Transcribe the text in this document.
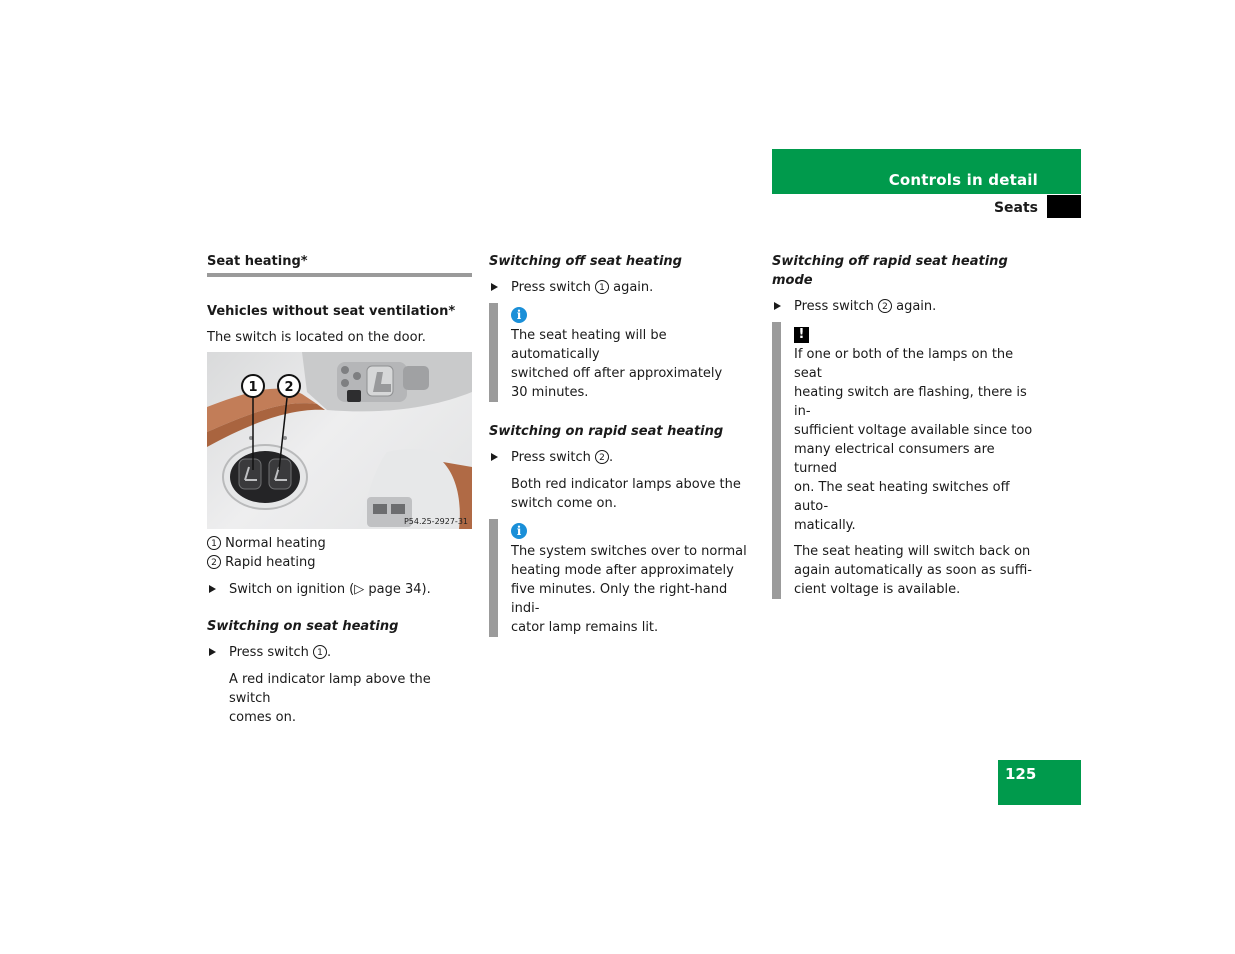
Controls in detail
Seats

Seat heating*

Vehicles without seat ventilation*

The switch is located on the door.

1 2
P54.25-2927-31
1 Normal heating
2 Rapid heating
Switch on ignition (▷ page 34).

Switching on seat heating

Press switch 1 .
A red indicator lamp above the switch
comes on.

Switching off seat heating

Press switch 1 again.
i
The seat heating will be automatically
switched off after approximately
30 minutes.

Switching on rapid seat heating

Press switch 2 .
Both red indicator lamps above the
switch come on.
i
The system switches over to normal
heating mode after approximately
five minutes. Only the right-hand indi-
cator lamp remains lit.

Switching off rapid seat heating mode

Press switch 2 again.
!
If one or both of the lamps on the seat
heating switch are flashing, there is in-
sufficient voltage available since too
many electrical consumers are turned
on. The seat heating switches off auto-
matically.
The seat heating will switch back on
again automatically as soon as suffi-
cient voltage is available.
125
